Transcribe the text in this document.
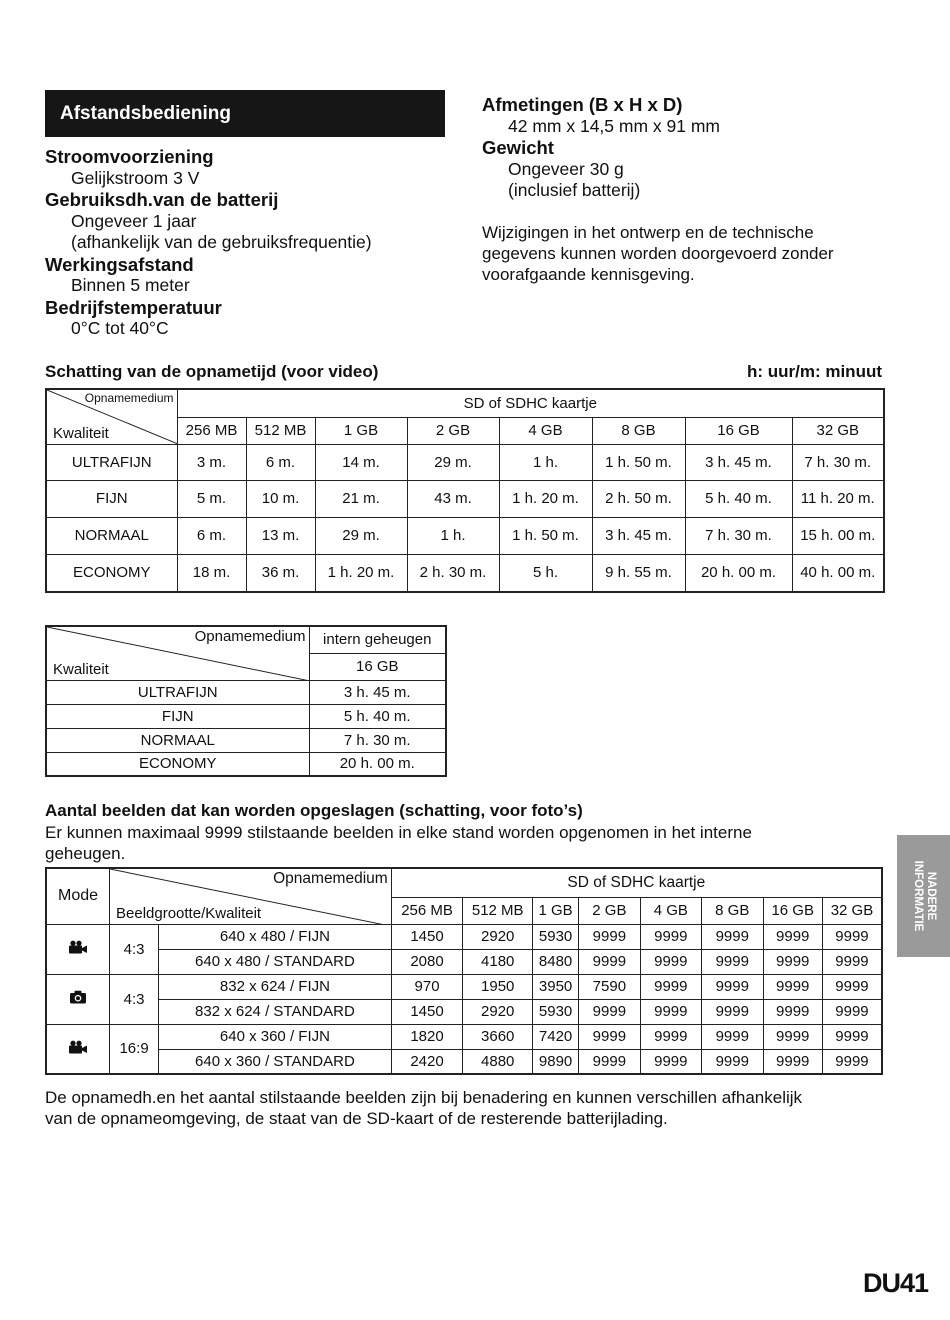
Afstandsbediening
Stroomvoorziening
Gelijkstroom 3 V
Gebruiksdh.van de batterij
Ongeveer 1 jaar
(afhankelijk van de gebruiksfrequentie)
Werkingsafstand
Binnen 5 meter
Bedrijfstemperatuur
0°C tot 40°C
Afmetingen (B x H x D)
42 mm x 14,5 mm x 91 mm
Gewicht
Ongeveer 30 g
(inclusief batterij)
Wijzigingen in het ontwerp en de technische
gegevens kunnen worden doorgevoerd zonder
voorafgaande kennisgeving.
Schatting van de opnametijd (voor video)	h: uur/m: minuut
Opnamemedium
Kwaliteit	SD of SDHC kaartje							
	256 MB	512 MB	1 GB	2 GB	4 GB	8 GB	16 GB	32 GB
ULTRAFIJN	3 m.	6 m.	14 m.	29 m.	1 h.	1 h. 50 m.	3 h. 45 m.	7 h. 30 m.
FIJN	5 m.	10 m.	21 m.	43 m.	1 h. 20 m.	2 h. 50 m.	5 h. 40 m.	11 h. 20 m.
NORMAAL	6 m.	13 m.	29 m.	1 h.	1 h. 50 m.	3 h. 45 m.	7 h. 30 m.	15 h. 00 m.
ECONOMY	18 m.	36 m.	1 h. 20 m.	2 h. 30 m.	5 h.	9 h. 55 m.	20 h. 00 m.	40 h. 00 m.
Opnamemedium
Kwaliteit	intern geheugen
	16 GB
ULTRAFIJN	3 h. 45 m.
FIJN	5 h. 40 m.
NORMAAL	7 h. 30 m.
ECONOMY	20 h. 00 m.
Aantal beelden dat kan worden opgeslagen (schatting, voor foto’s)
Er kunnen maximaal 9999 stilstaande beelden in elke stand worden opgenomen in het interne
geheugen.
Mode	Opnamemedium
Beeldgrootte/Kwaliteit		SD of SDHC kaartje							
			256 MB	512 MB	1 GB	2 GB	4 GB	8 GB	16 GB	32 GB
	4:3	640 x 480 / FIJN	1450	2920	5930	9999	9999	9999	9999	9999
		640 x 480 / STANDARD	2080	4180	8480	9999	9999	9999	9999	9999
	4:3	832 x 624 / FIJN	970	1950	3950	7590	9999	9999	9999	9999
		832 x 624 / STANDARD	1450	2920	5930	9999	9999	9999	9999	9999
	16:9	640 x 360 / FIJN	1820	3660	7420	9999	9999	9999	9999	9999
		640 x 360 / STANDARD	2420	4880	9890	9999	9999	9999	9999	9999
De opnamedh.en het aantal stilstaande beelden zijn bij benadering en kunnen verschillen afhankelijk
van de opnameomgeving, de staat van de SD-kaart of de resterende batterijlading.
NADERE
INFORMATIE
DU41
